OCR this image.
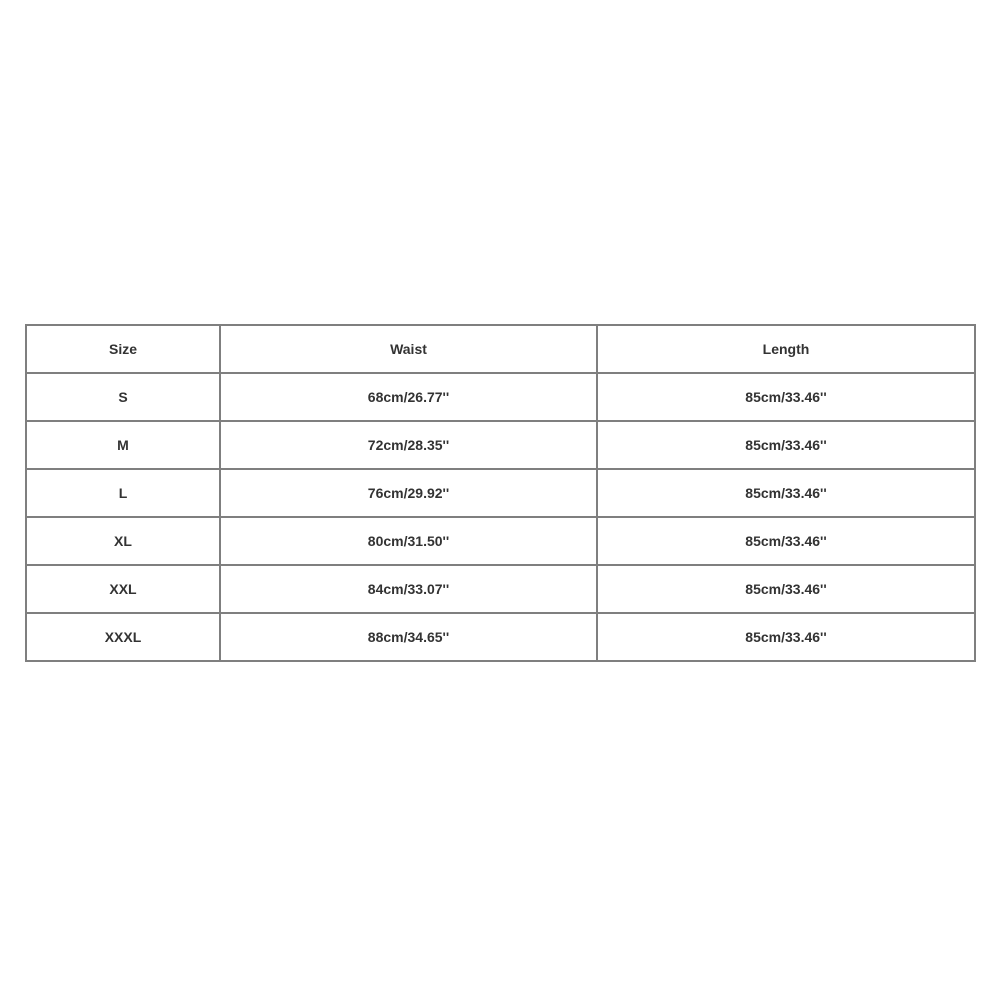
Size	Waist	Length
S	68cm/26.77''	85cm/33.46''
M	72cm/28.35''	85cm/33.46''
L	76cm/29.92''	85cm/33.46''
XL	80cm/31.50''	85cm/33.46''
XXL	84cm/33.07''	85cm/33.46''
XXXL	88cm/34.65''	85cm/33.46''
